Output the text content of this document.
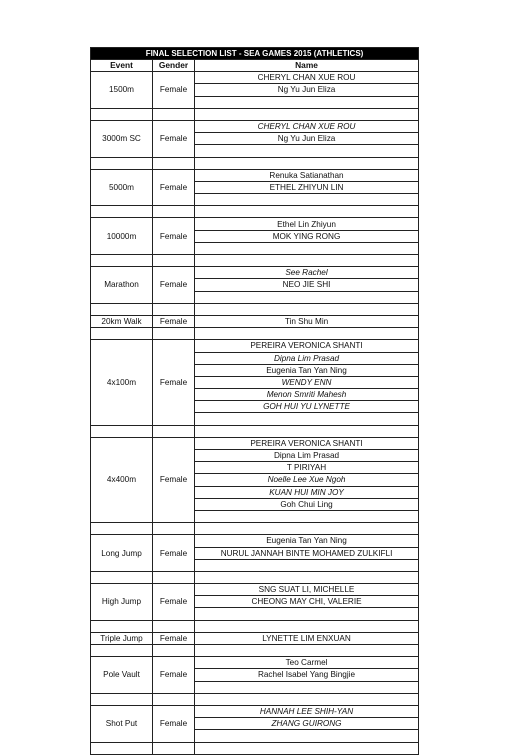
FINAL SELECTION LIST - SEA GAMES 2015 (ATHLETICS)		
Event	Gender	Name
1500m	Female	CHERYL CHAN XUE ROU
		Ng Yu Jun Eliza

3000m SC	Female	CHERYL CHAN XUE ROU
		Ng Yu Jun Eliza

5000m	Female	Renuka Satianathan
		ETHEL ZHIYUN LIN

10000m	Female	Ethel Lin Zhiyun
		MOK YING RONG

Marathon	Female	See Rachel
		NEO JIE SHI

20km Walk	Female	Tin Shu Min

4x100m	Female	PEREIRA VERONICA SHANTI
		Dipna Lim Prasad
		Eugenia Tan Yan Ning
		WENDY ENN
		Menon Smriti Mahesh
		GOH HUI YU LYNETTE

4x400m	Female	PEREIRA VERONICA SHANTI
		Dipna Lim Prasad
		T PIRIYAH
		Noelle Lee Xue Ngoh
		KUAN HUI MIN JOY
		Goh Chui Ling

Long Jump	Female	Eugenia Tan Yan Ning
		NURUL JANNAH BINTE MOHAMED ZULKIFLI

High Jump	Female	SNG SUAT LI, MICHELLE
		CHEONG MAY CHI, VALERIE

Triple Jump	Female	LYNETTE LIM ENXUAN

Pole Vault	Female	Teo Carmel
		Rachel Isabel Yang Bingjie

Shot Put	Female	HANNAH LEE SHIH-YAN
		ZHANG GUIRONG
